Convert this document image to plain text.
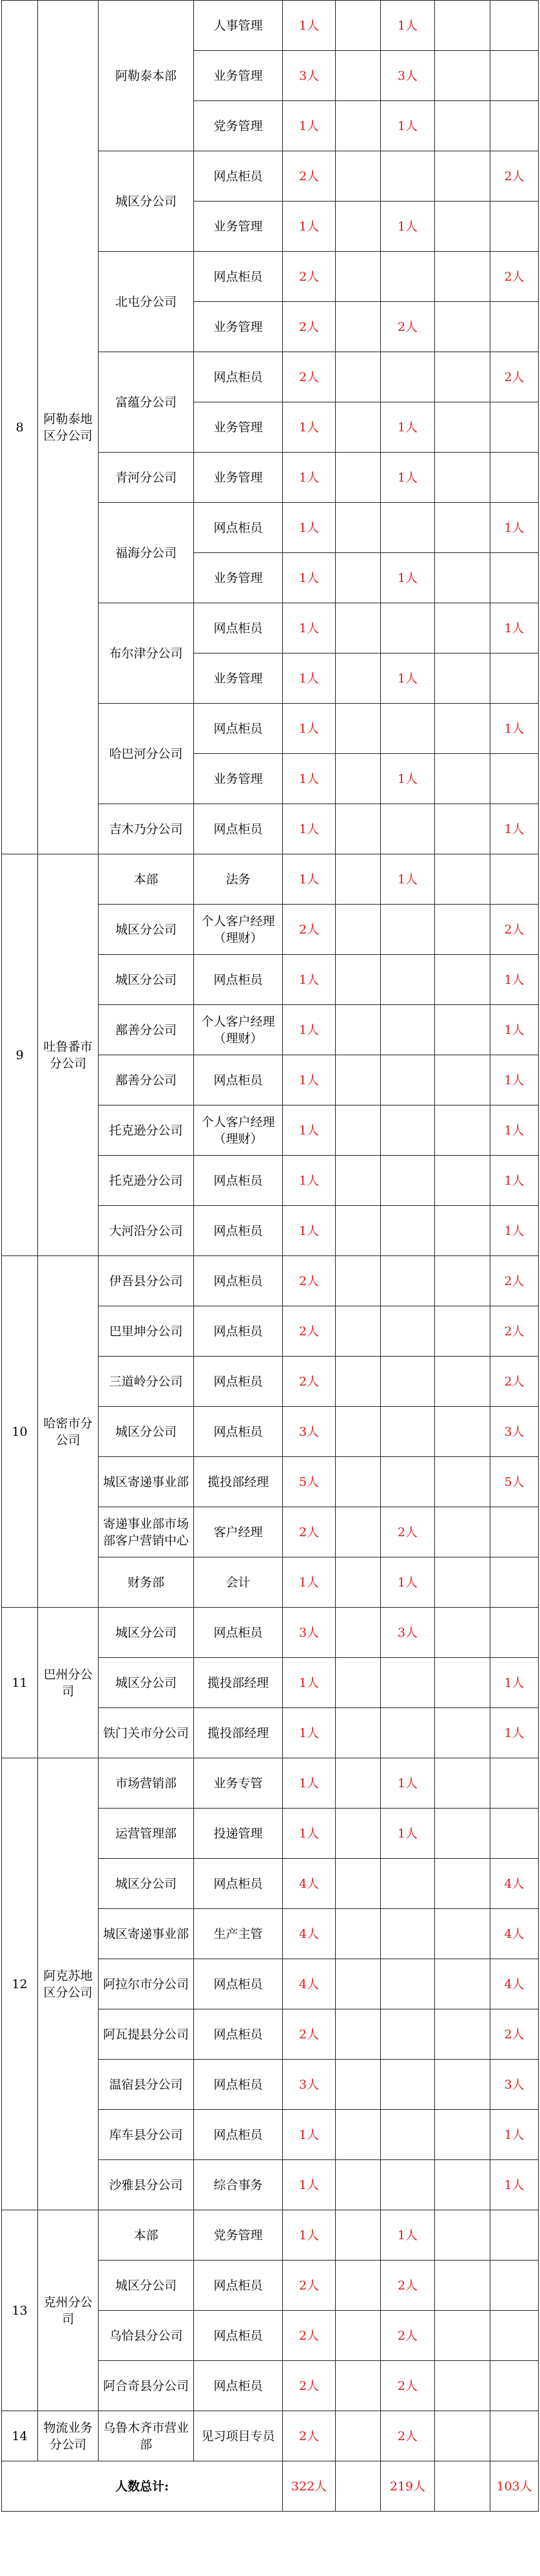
8	阿勒泰地区分公司	阿勒泰本部	人事管理	1人		1人		
			业务管理	3人		3人		
			党务管理	1人		1人		
		城区分公司	网点柜员	2人				2人
			业务管理	1人		1人		
		北屯分公司	网点柜员	2人				2人
			业务管理	2人		2人		
		富蕴分公司	网点柜员	2人				2人
			业务管理	1人		1人		
		青河分公司	业务管理	1人		1人		
		福海分公司	网点柜员	1人				1人
			业务管理	1人		1人		
		布尔津分公司	网点柜员	1人				1人
			业务管理	1人		1人		
		哈巴河分公司	网点柜员	1人				1人
			业务管理	1人		1人		
		吉木乃分公司	网点柜员	1人				1人
9	吐鲁番市分公司	本部	法务	1人		1人		
		城区分公司	个人客户经理（理财）	2人				2人
		城区分公司	网点柜员	1人				1人
		鄯善分公司	个人客户经理（理财）	1人				1人
		鄯善分公司	网点柜员	1人				1人
		托克逊分公司	个人客户经理（理财）	1人				1人
		托克逊分公司	网点柜员	1人				1人
		大河沿分公司	网点柜员	1人				1人
10	哈密市分公司	伊吾县分公司	网点柜员	2人				2人
		巴里坤分公司	网点柜员	2人				2人
		三道岭分公司	网点柜员	2人				2人
		城区分公司	网点柜员	3人				3人
		城区寄递事业部	揽投部经理	5人				5人
		寄递事业部市场部客户营销中心	客户经理	2人		2人		
		财务部	会计	1人		1人		
11	巴州分公司	城区分公司	网点柜员	3人		3人		
		城区分公司	揽投部经理	1人				1人
		铁门关市分公司	揽投部经理	1人				1人
12	阿克苏地区分公司	市场营销部	业务专管	1人		1人		
		运营管理部	投递管理	1人		1人		
		城区分公司	网点柜员	4人				4人
		城区寄递事业部	生产主管	4人				4人
		阿拉尔市分公司	网点柜员	4人				4人
		阿瓦提县分公司	网点柜员	2人				2人
		温宿县分公司	网点柜员	3人				3人
		库车县分公司	网点柜员	1人				1人
		沙雅县分公司	综合事务	1人				1人
13	克州分公司	本部	党务管理	1人		1人		
		城区分公司	网点柜员	2人		2人		
		乌恰县分公司	网点柜员	2人		2人		
		阿合奇县分公司	网点柜员	2人		2人		
14	物流业务分公司	乌鲁木齐市营业部	见习项目专员	2人		2人		
人数总计:				322人		219人		103人
